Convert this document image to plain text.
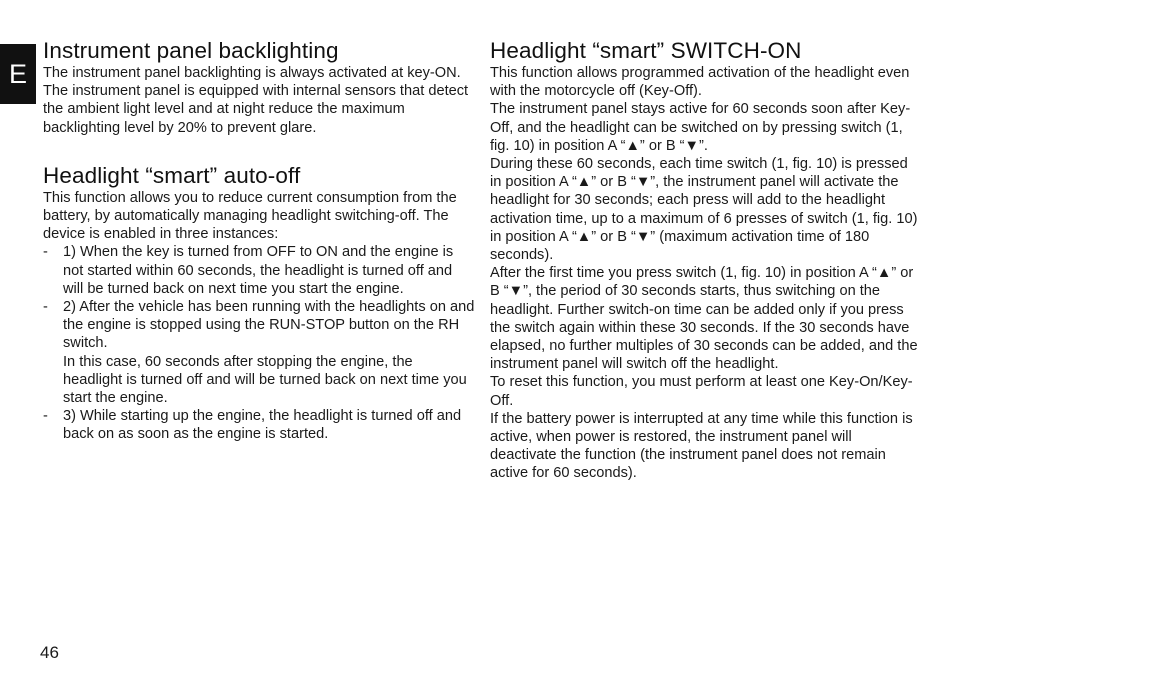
E
Instrument panel backlighting

The instrument panel backlighting is always activated at key-ON. The instrument panel is equipped with internal sensors that detect the ambient light level and at night reduce the maximum backlighting level by 20% to prevent glare.

Headlight “smart” auto-off

This function allows you to reduce current consumption from the battery, by automatically managing headlight switching-off. The device is enabled in three instances:

- 1) When the key is turned from OFF to ON and the engine is not started within 60 seconds, the headlight is turned off and will be turned back on next time you start the engine.
- 2) After the vehicle has been running with the headlights on and the engine is stopped using the RUN-STOP button on the RH switch.
In this case, 60 seconds after stopping the engine, the headlight is turned off and will be turned back on next time you start the engine.
- 3) While starting up the engine, the headlight is turned off and back on as soon as the engine is started.
Headlight “smart” SWITCH-ON

This function allows programmed activation of the headlight even with the motorcycle off (Key-Off).

The instrument panel stays active for 60 seconds soon after Key-Off, and the headlight can be switched on by pressing switch (1, fig. 10) in position A “▲” or B “▼”.

During these 60 seconds, each time switch (1, fig. 10) is pressed in position A “▲” or B “▼”, the instrument panel will activate the headlight for 30 seconds; each press will add to the headlight activation time, up to a maximum of 6 presses of switch (1, fig. 10) in position A “▲” or B “▼” (maximum activation time of 180 seconds).

After the first time you press switch (1, fig. 10) in position A “▲” or B “▼”, the period of 30 seconds starts, thus switching on the headlight. Further switch-on time can be added only if you press the switch again within these 30 seconds. If the 30 seconds have elapsed, no further multiples of 30 seconds can be added, and the instrument panel will switch off the headlight.

To reset this function, you must perform at least one Key-On/Key-Off.

If the battery power is interrupted at any time while this function is active, when power is restored, the instrument panel will deactivate the function (the instrument panel does not remain active for 60 seconds).

46
